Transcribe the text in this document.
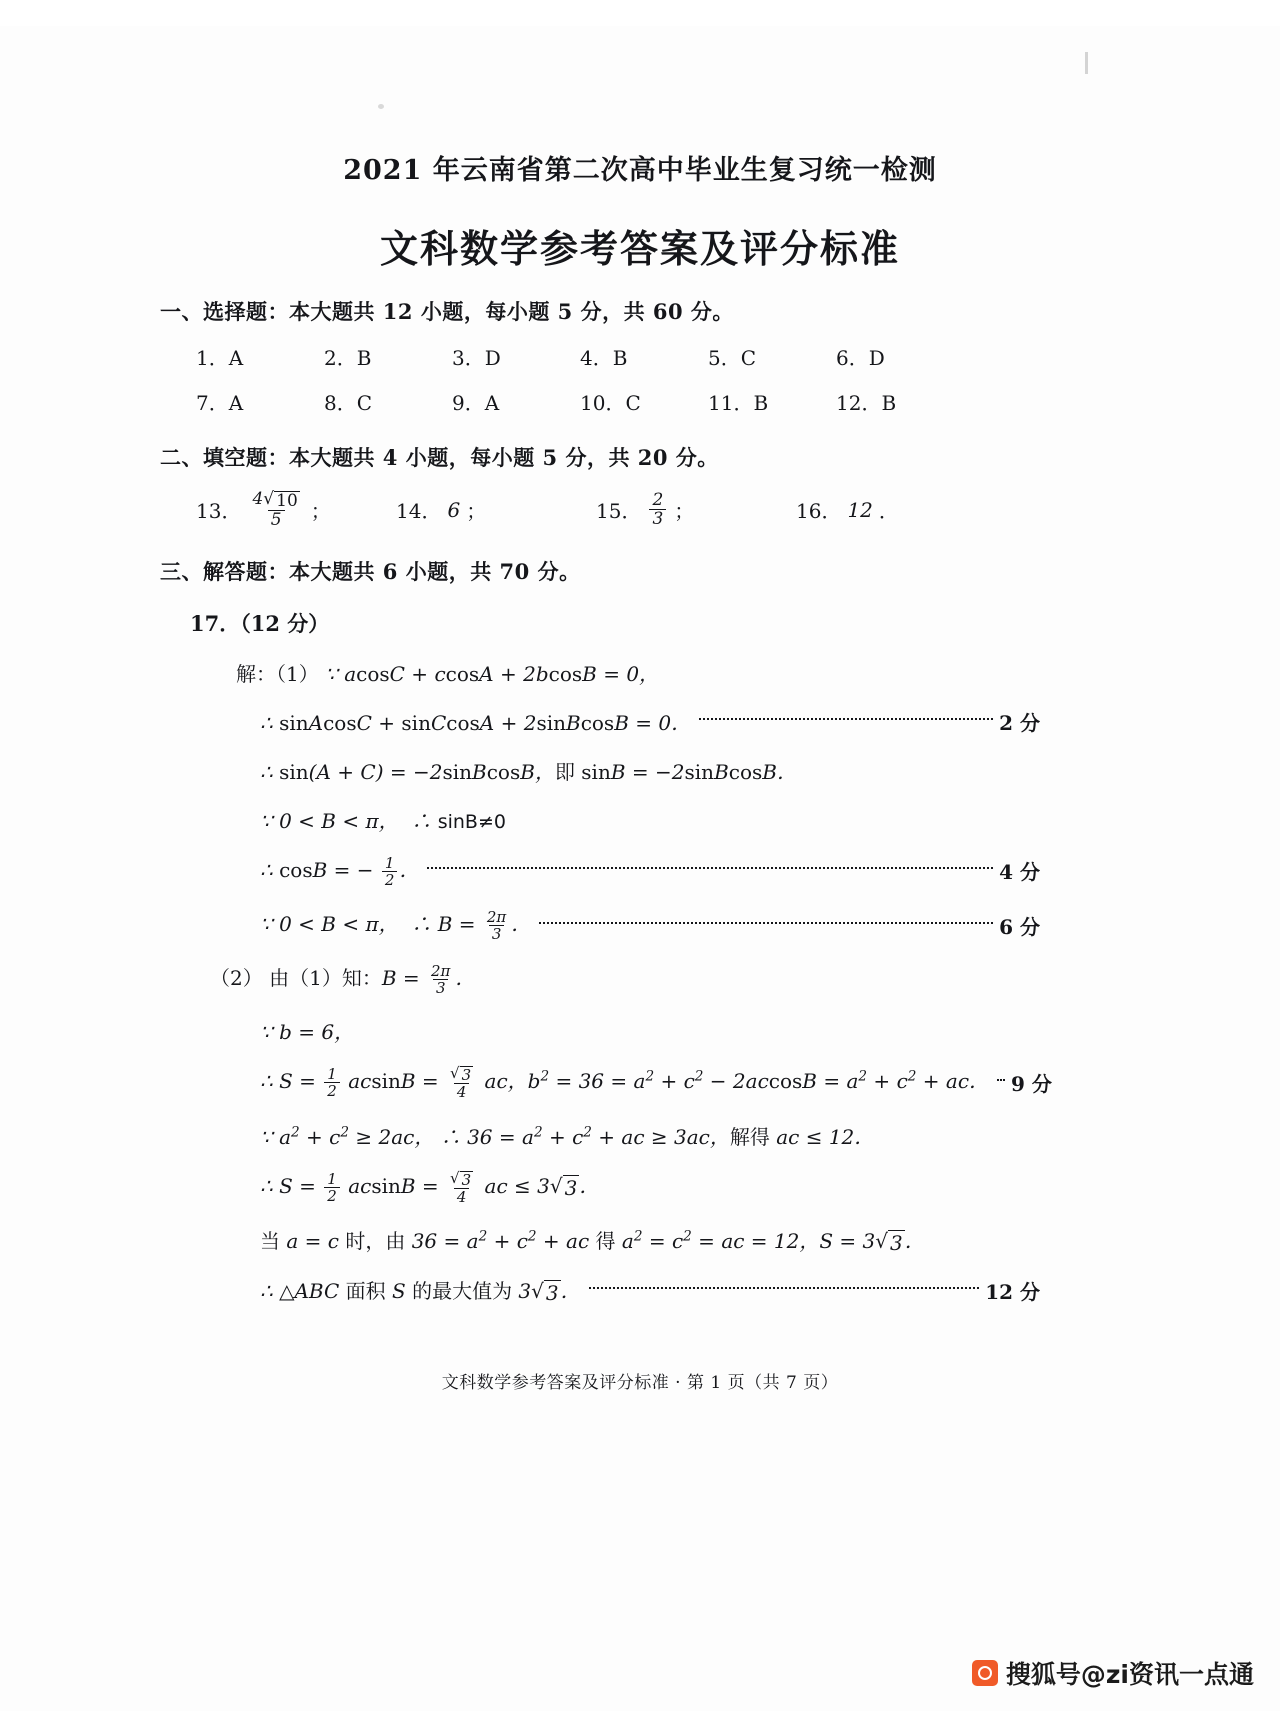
2021 年云南省第二次高中毕业生复习统一检测
文科数学参考答案及评分标准
一、选择题：本大题共 12 小题，每小题 5 分，共 60 分。
1．A	2．B	3．D	4．B	5．C	6．D
7．A	8．C	9．A	10．C	11．B	12．B
二、填空题：本大题共 4 小题，每小题 5 分，共 20 分。
13． $\frac{4 √ 10}{5}$ ；	14． 6 ；	15． $\frac{2}{3}$ ；	16． 12 ．
三、解答题：本大题共 6 小题，共 70 分。
17．（12 分）
解：（1） ∵ acosC + ccosA + 2bcosB = 0，
∴ sinAcosC + sinCcosA + 2sinBcosB = 0．	2 分
∴ sin(A + C) = −2sinBcosB，即 sinB = −2sinBcosB．
∵ 0 < B < π，  ∴ sinB≠0
∴ cosB = − $\frac{1}{2}$ ．	4 分
∵ 0 < B < π，  ∴ $B = \frac{2\pi}{3}$ ．	6 分
（2） 由（1）知：$B = \frac{2\pi}{3}$ ．
∵ b = 6，
∴ $S = \frac{1}{2}$ $acsinB = \frac{√ 3}{4}$ ac，$b^2 = 36 = a^2 + c^2 - 2accosB = a^2 + c^2$ + ac． 9 分
∵ $a^2 + c^2 \ge 2ac$， ∴ $36 = a^2 + c^2$ + ac ≥ 3ac，解得 ac ≤ 12．
∴ $S = \frac{1}{2}$ $acsinB = \frac{√ 3}{4}$ ac ≤ 3 √ 3 ．
当 a = c 时，由 $36 = a^2 + c^2$ + ac 得 $a^2 = c^2$ = ac = 12，S = 3 √ 3 ．
∴ △ABC 面积 S 的最大值为 3 √ 3 ．	12 分
文科数学参考答案及评分标准 · 第 1 页（共 7 页）
搜狐号@zi资讯一点通
